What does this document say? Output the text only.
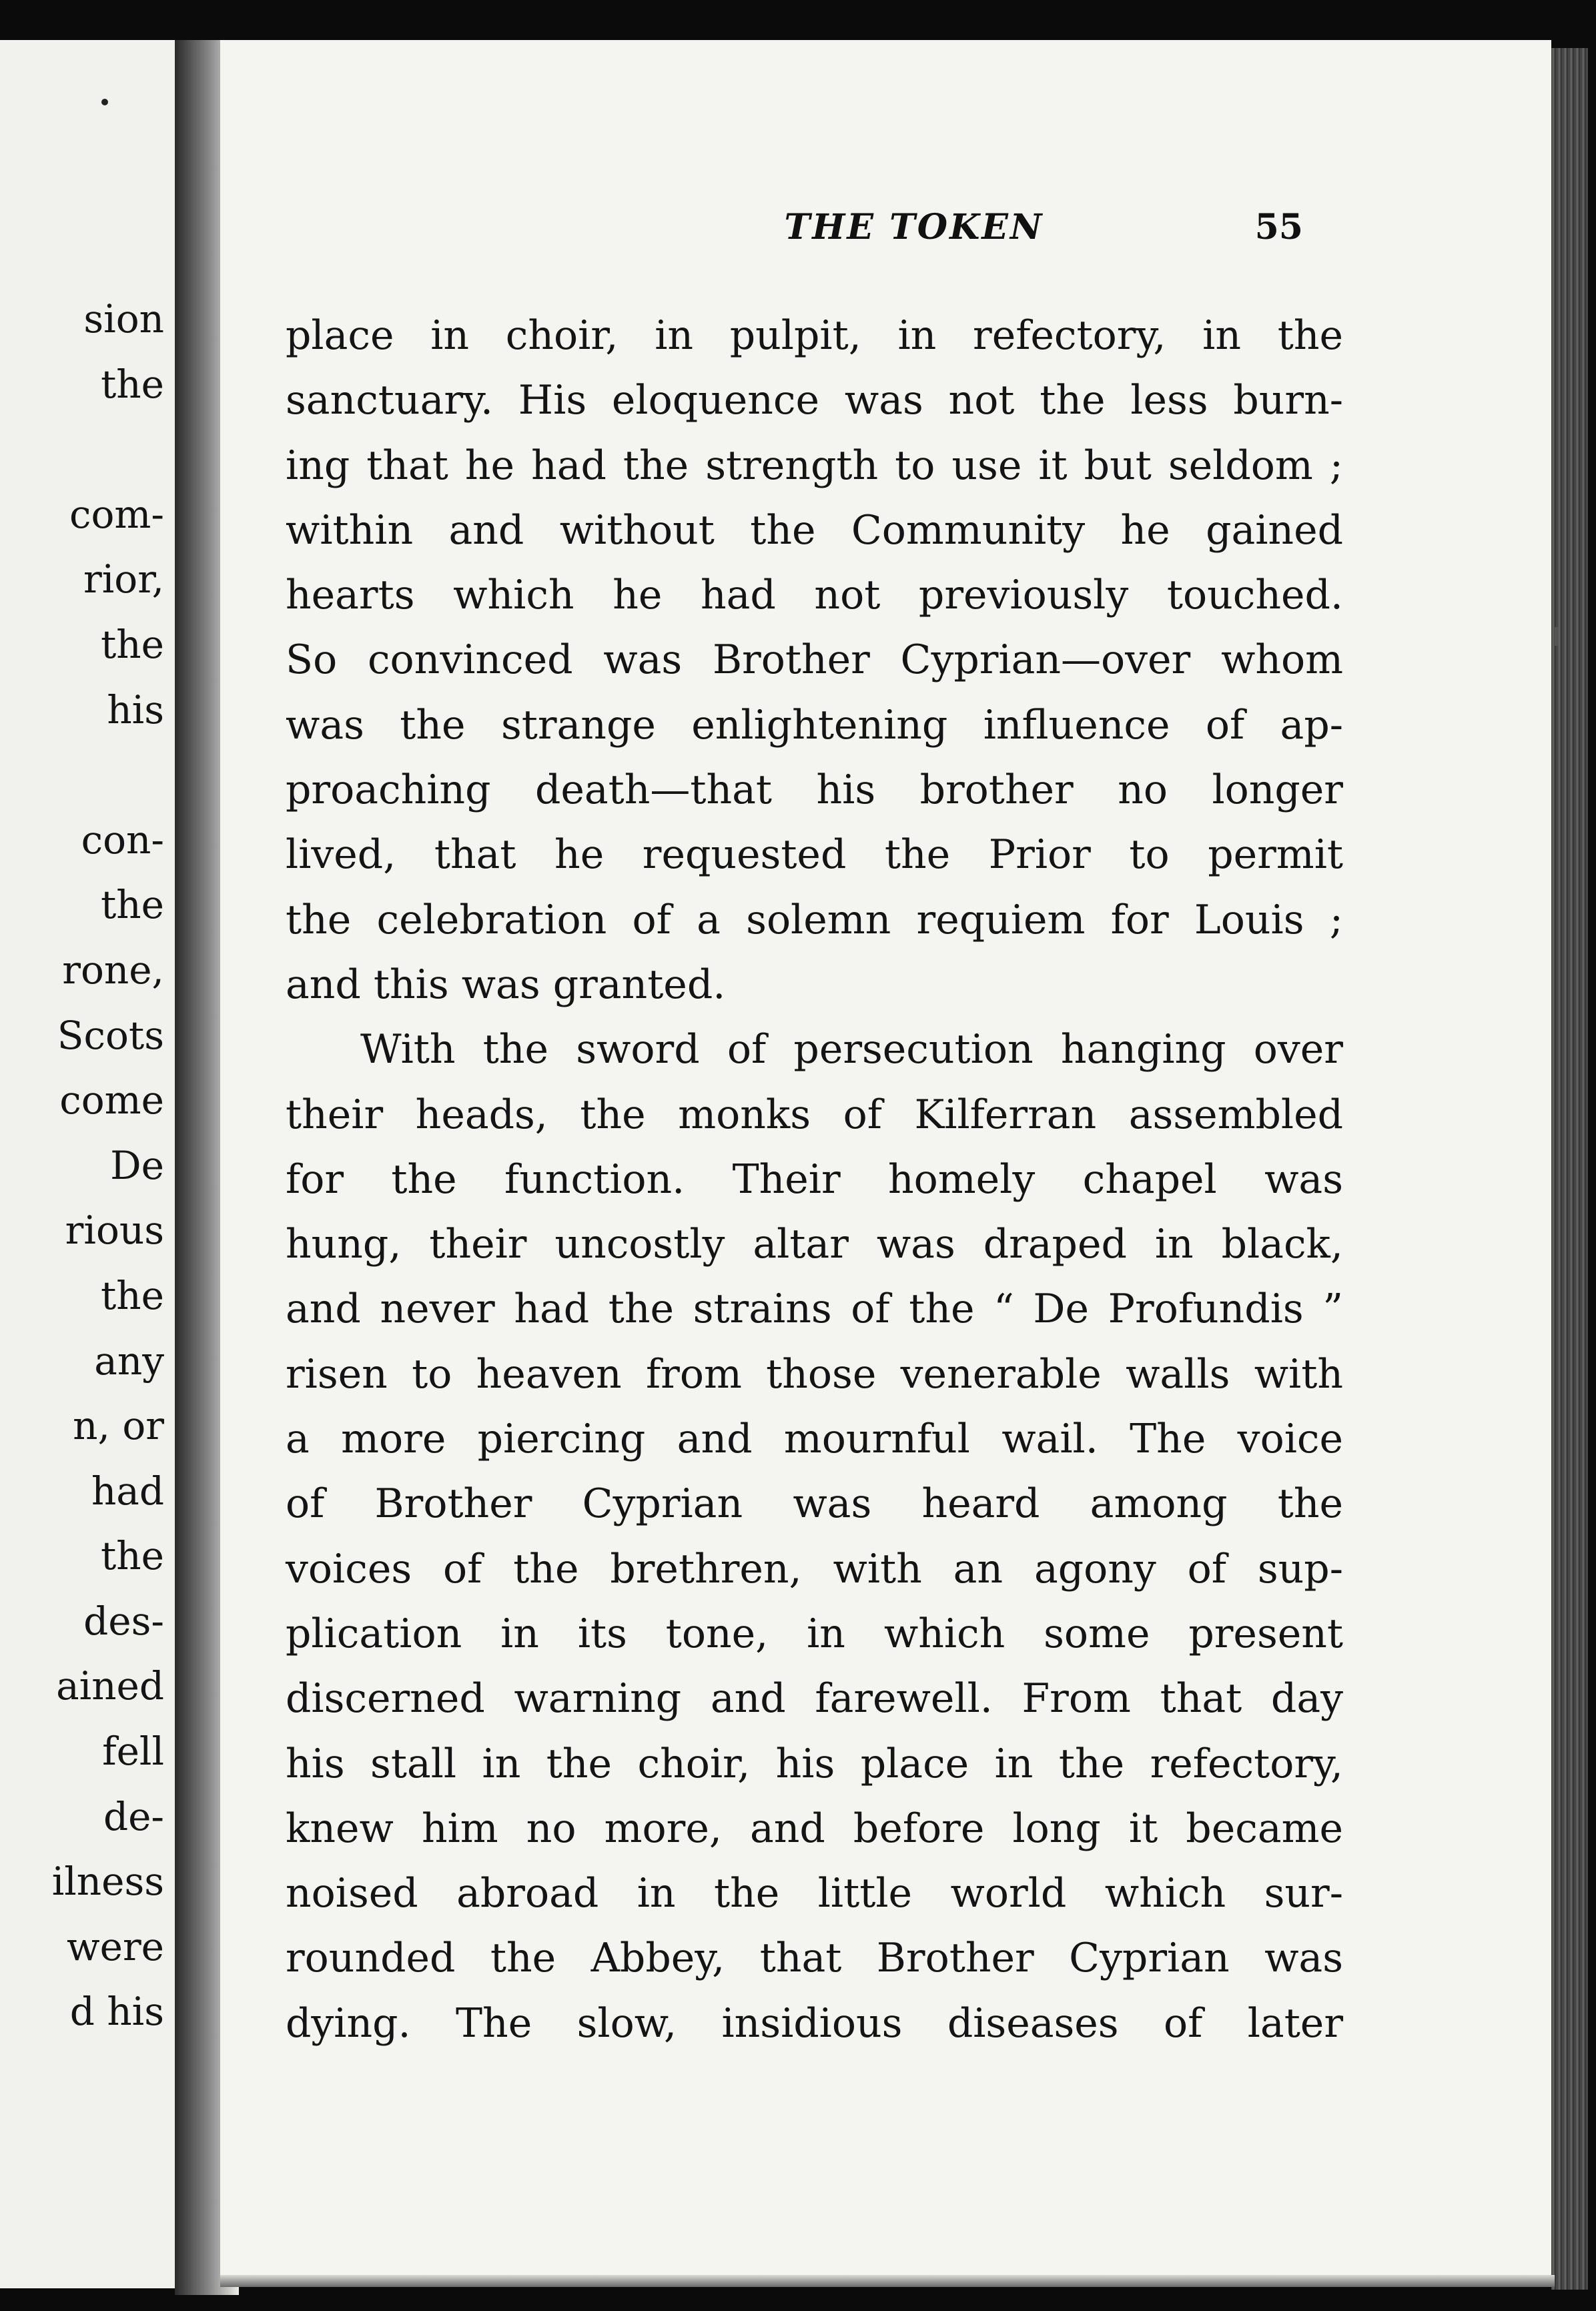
sion
the

com-
rior,
the
his

con-
the
rone,
Scots
come
De
rious
the
any
n, or
had
the
des-
ained
fell
de-
ilness
were
d his
THE TOKEN	55
place in choir, in pulpit, in refectory, in the
sanctuary. His eloquence was not the less burn-
ing that he had the strength to use it but seldom ;
within and without the Community he gained
hearts which he had not previously touched.
So convinced was Brother Cyprian—over whom
was the strange enlightening influence of ap-
proaching death—that his brother no longer
lived, that he requested the Prior to permit
the celebration of a solemn requiem for Louis ;
and this was granted.
With the sword of persecution hanging over
their heads, the monks of Kilferran assembled
for the function. Their homely chapel was
hung, their uncostly altar was draped in black,
and never had the strains of the “ De Profundis ”
risen to heaven from those venerable walls with
a more piercing and mournful wail. The voice
of Brother Cyprian was heard among the
voices of the brethren, with an agony of sup-
plication in its tone, in which some present
discerned warning and farewell. From that day
his stall in the choir, his place in the refectory,
knew him no more, and before long it became
noised abroad in the little world which sur-
rounded the Abbey, that Brother Cyprian was
dying. The slow, insidious diseases of later
